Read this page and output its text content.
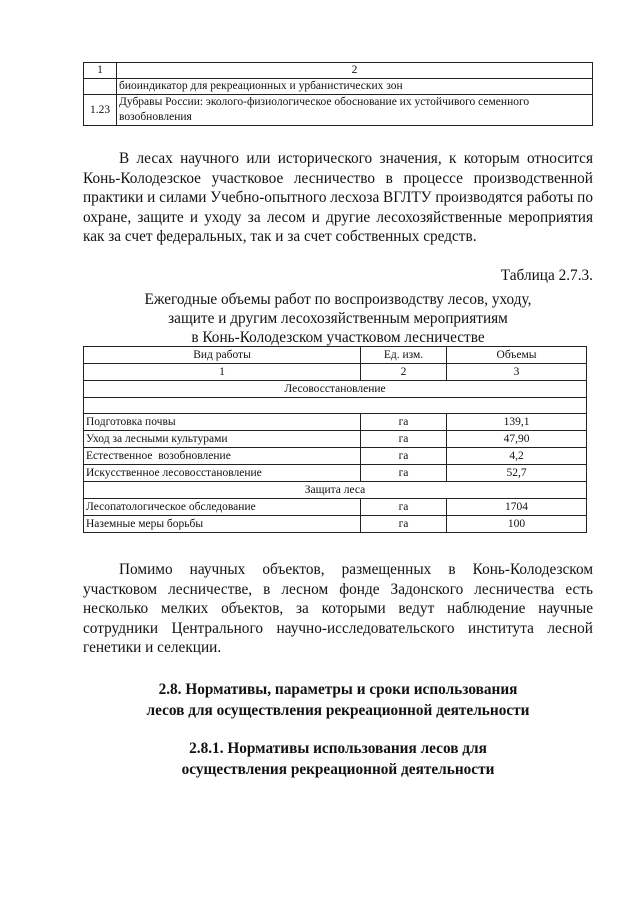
1	2
	биоиндикатор для рекреационных и урбанистических зон
1.23	Дубравы России: эколого-физиологическое обоснование их устойчивого семенного
возобновления

В лесах научного или исторического значения, к которым относится Конь-Колодезское участковое лесничество в процессе производственной практики и силами Учебно-опытного лесхоза ВГЛТУ производятся работы по охране, защите и уходу за лесом и другие лесохозяйственные мероприятия как за счет федеральных, так и за счет собственных средств.

Таблица 2.7.3.
Ежегодные объемы работ по воспроизводству лесов, уходу,
защите и другим лесохозяйственным мероприятиям
в Конь-Колодезском участковом лесничестве
Вид работы	Ед. изм.	Объемы
1	2	3
Лесовосстановление		

Подготовка почвы	га	139,1
Уход за лесными культурами	га	47,90
Естественное  возобновление	га	4,2
Искусственное лесовосстановление	га	52,7
Защита леса		
Лесопатологическое обследование	га	1704
Наземные меры борьбы	га	100

Помимо научных объектов, размещенных в Конь-Колодезском участковом лесничестве, в лесном фонде Задонского лесничества есть несколько мелких объектов, за которыми ведут наблюдение научные сотрудники Центрального научно-исследовательского института лесной генетики и селекции.

2.8. Нормативы, параметры и сроки использования
лесов для осуществления рекреационной деятельности
2.8.1. Нормативы использования лесов для
осуществления рекреационной деятельности
